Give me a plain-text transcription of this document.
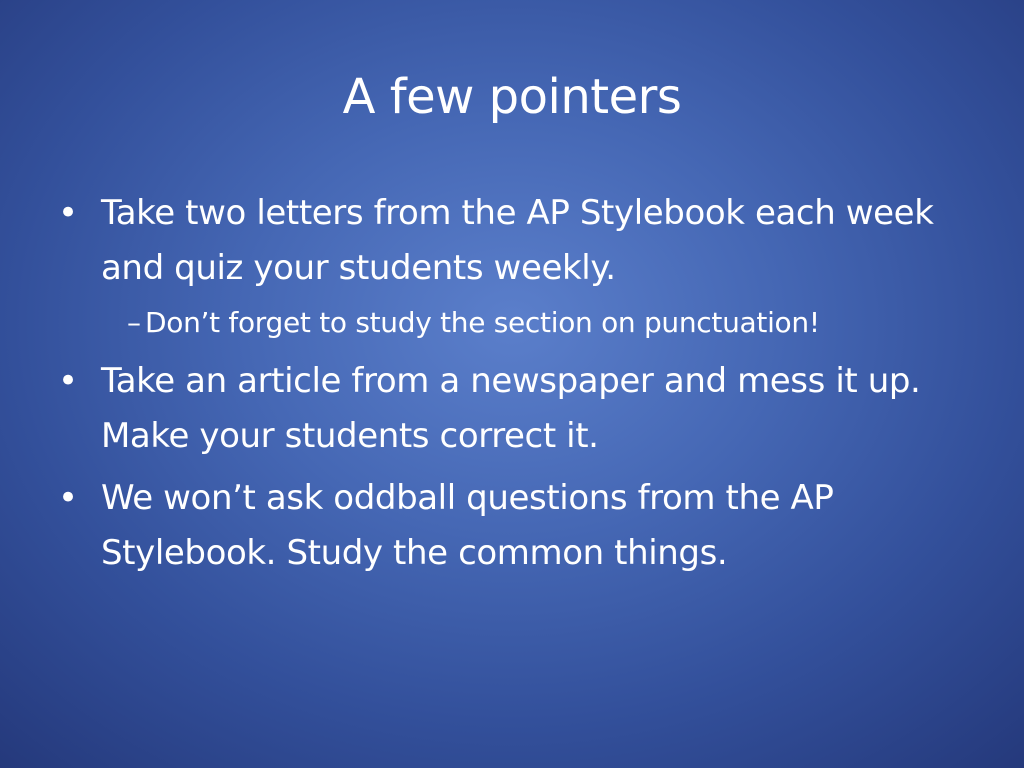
A few pointers

• Take two letters from the AP Stylebook each week and quiz your students weekly.

– Don’t forget to study the section on punctuation!

• Take an article from a newspaper and mess it up. Make your students correct it.

• We won’t ask oddball questions from the AP Stylebook. Study the common things.
